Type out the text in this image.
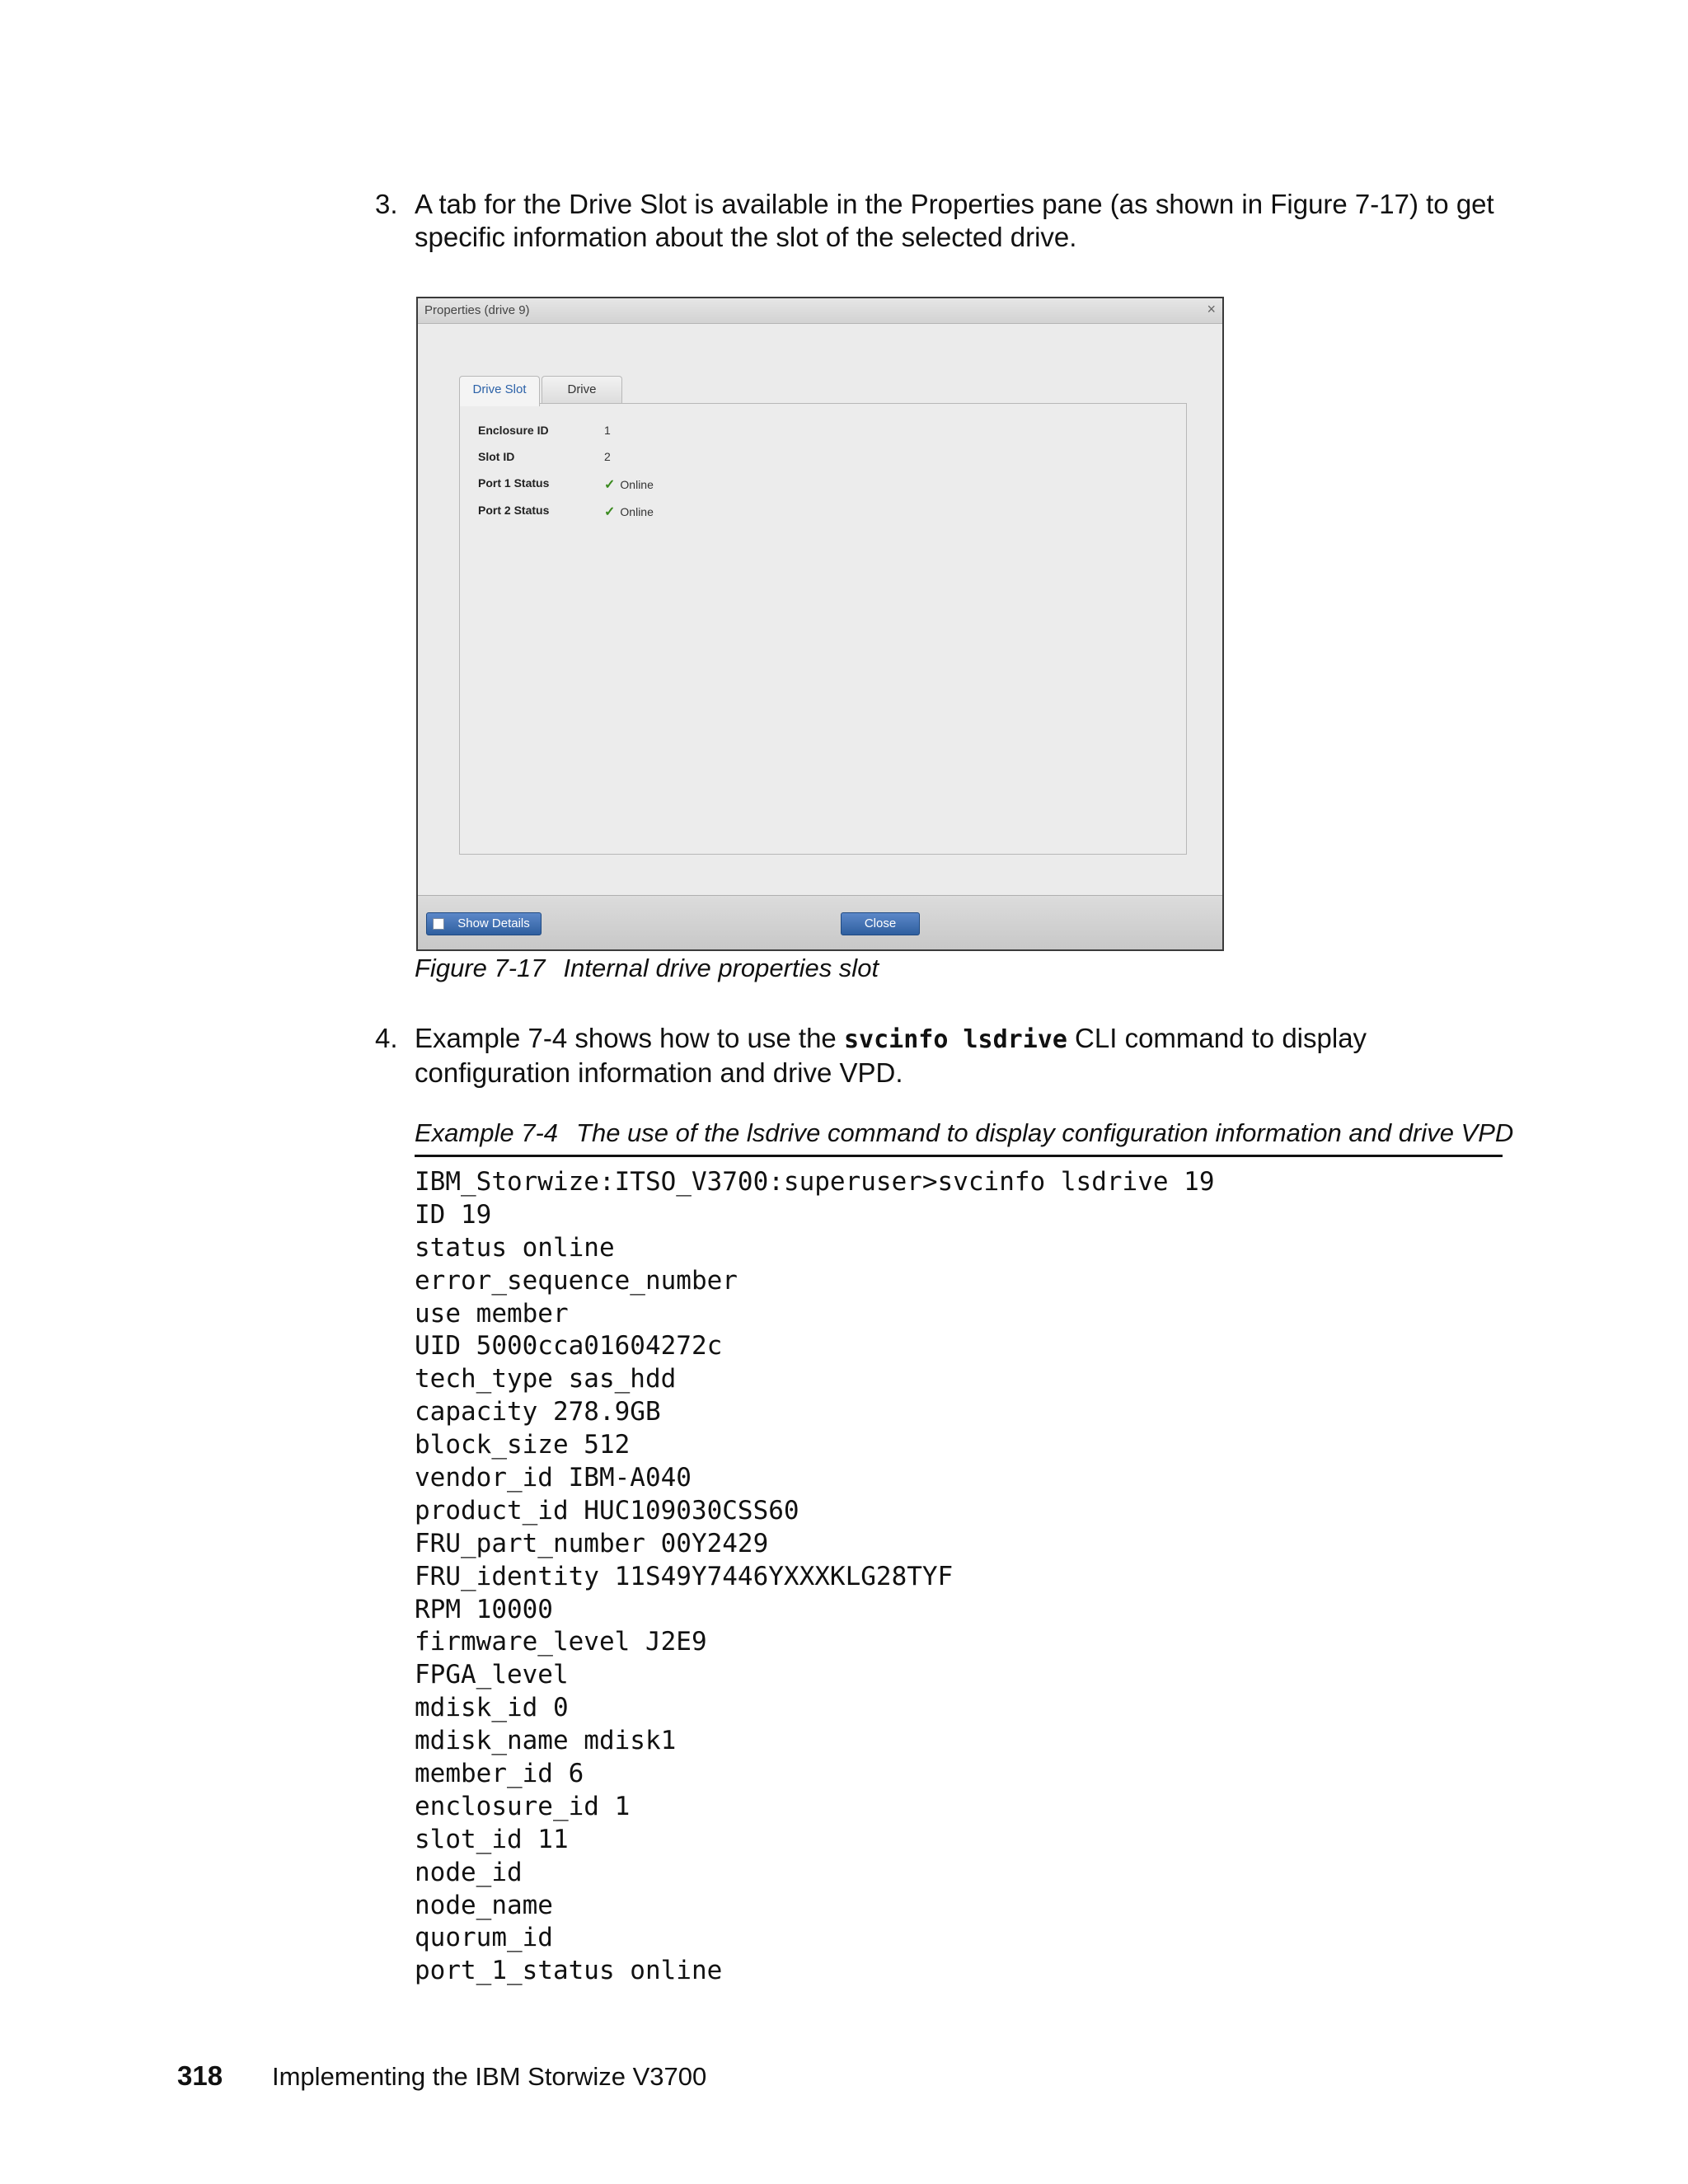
3. A tab for the Drive Slot is available in the Properties pane (as shown in Figure 7-17) to get specific information about the slot of the selected drive.
Properties (drive 9)	×
Drive Slot	Drive
Enclosure ID	1
Slot ID	2
Port 1 Status	✓ Online
Port 2 Status	✓ Online
Show Details	Close
Figure 7-17 Internal drive properties slot
4. Example 7-4 shows how to use the svcinfo lsdrive CLI command to display configuration information and drive VPD.
Example 7-4 The use of the lsdrive command to display configuration information and drive VPD
IBM_Storwize:ITSO_V3700:superuser>svcinfo lsdrive 19
ID 19
status online
error_sequence_number
use member
UID 5000cca01604272c
tech_type sas_hdd
capacity 278.9GB
block_size 512
vendor_id IBM-A040
product_id HUC109030CSS60
FRU_part_number 00Y2429
FRU_identity 11S49Y7446YXXXKLG28TYF
RPM 10000
firmware_level J2E9
FPGA_level
mdisk_id 0
mdisk_name mdisk1
member_id 6
enclosure_id 1
slot_id 11
node_id
node_name
quorum_id
port_1_status online
318 Implementing the IBM Storwize V3700
